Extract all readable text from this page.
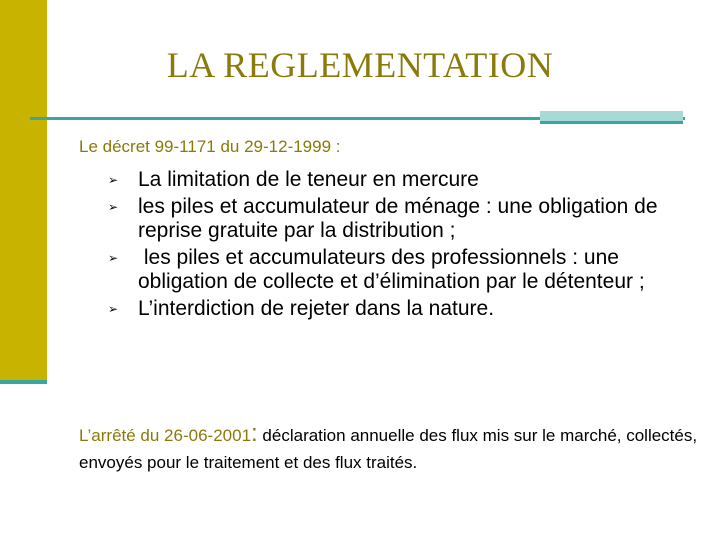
LA REGLEMENTATION
Le décret 99-1171 du 29-12-1999 :
➢ La limitation de le teneur en mercure
➢ les piles et accumulateur de ménage : une obligation de reprise gratuite par la distribution ;
➢ les piles et accumulateurs des professionnels : une obligation de collecte et d’élimination par le détenteur ;
➢ L’interdiction de rejeter dans la nature.
L’arrêté du 26-06-2001: déclaration annuelle des flux mis sur le marché, collectés, envoyés pour le traitement et des flux traités.
